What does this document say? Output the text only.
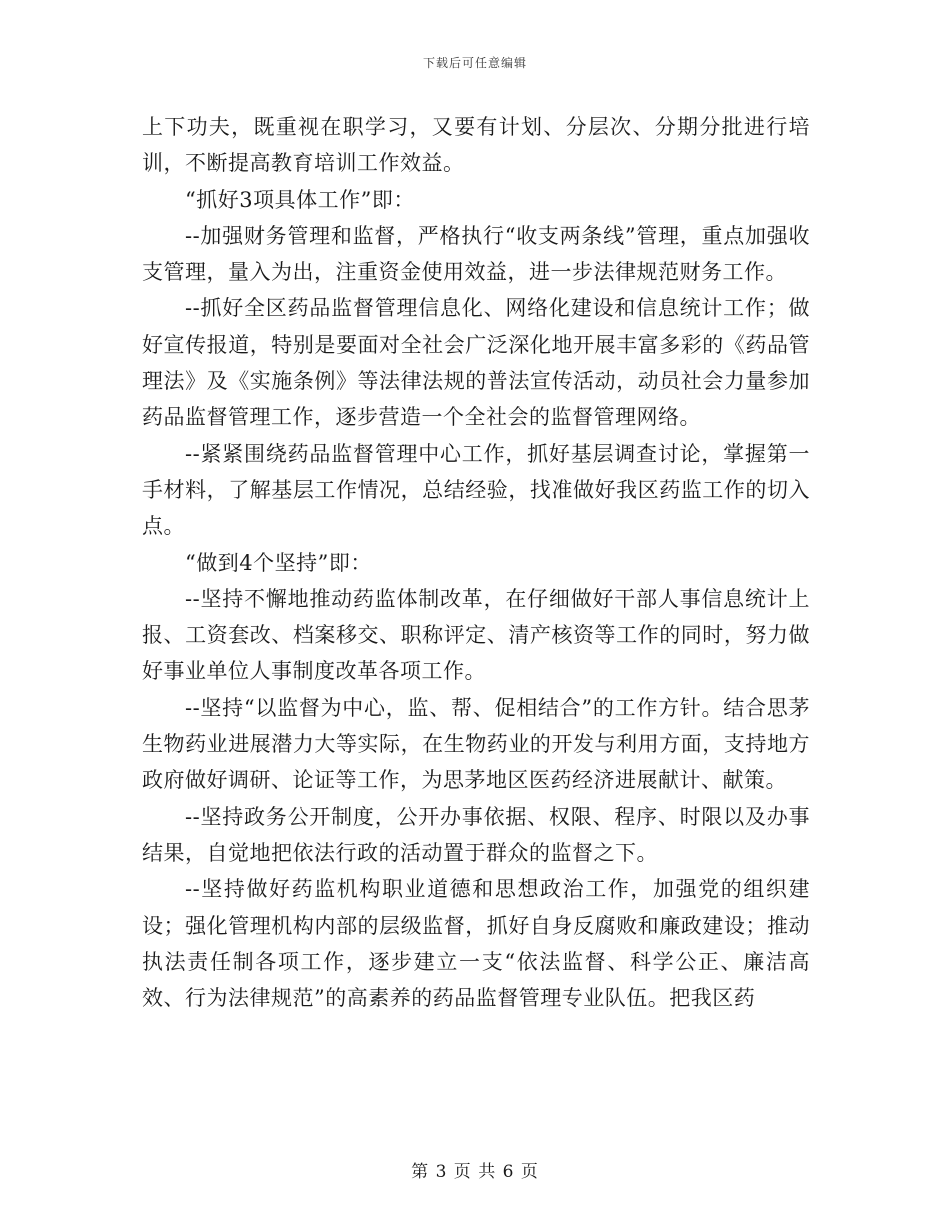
下载后可任意编辑

上下功夫，既重视在职学习，又要有计划、分层次、分期分批进行培训，不断提高教育培训工作效益。

“抓好3项具体工作”即：

--加强财务管理和监督，严格执行“收支两条线”管理，重点加强收支管理，量入为出，注重资金使用效益，进一步法律规范财务工作。

--抓好全区药品监督管理信息化、网络化建设和信息统计工作；做好宣传报道，特别是要面对全社会广泛深化地开展丰富多彩的《药品管理法》及《实施条例》等法律法规的普法宣传活动，动员社会力量参加药品监督管理工作，逐步营造一个全社会的监督管理网络。

--紧紧围绕药品监督管理中心工作，抓好基层调查讨论，掌握第一手材料，了解基层工作情况，总结经验，找准做好我区药监工作的切入点。

“做到4个坚持”即：

--坚持不懈地推动药监体制改革，在仔细做好干部人事信息统计上报、工资套改、档案移交、职称评定、清产核资等工作的同时，努力做好事业单位人事制度改革各项工作。

--坚持“以监督为中心，监、帮、促相结合”的工作方针。结合思茅生物药业进展潜力大等实际，在生物药业的开发与利用方面，支持地方政府做好调研、论证等工作，为思茅地区医药经济进展献计、献策。

--坚持政务公开制度，公开办事依据、权限、程序、时限以及办事结果，自觉地把依法行政的活动置于群众的监督之下。

--坚持做好药监机构职业道德和思想政治工作，加强党的组织建设；强化管理机构内部的层级监督，抓好自身反腐败和廉政建设；推动执法责任制各项工作，逐步建立一支“依法监督、科学公正、廉洁高效、行为法律规范”的高素养的药品监督管理专业队伍。把我区药

第 3 页 共 6 页
